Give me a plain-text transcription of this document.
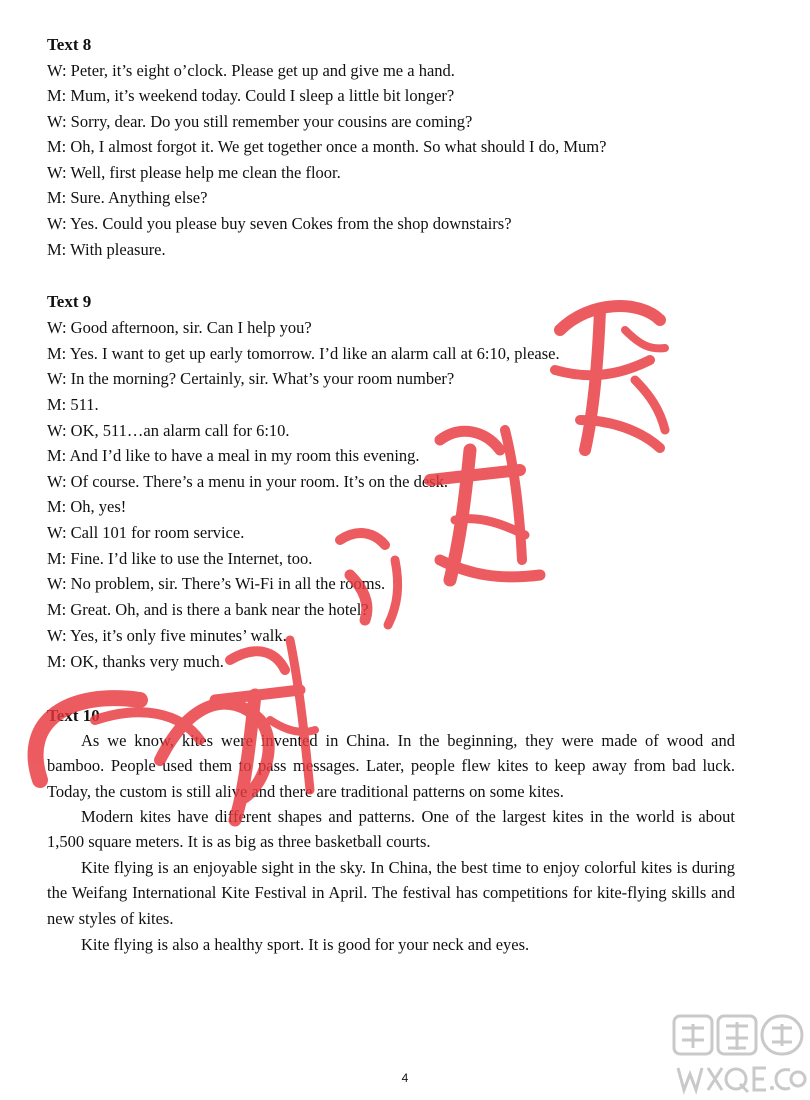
Text 8

W: Peter, it’s eight o’clock. Please get up and give me a hand.

M: Mum, it’s weekend today. Could I sleep a little bit longer?

W: Sorry, dear. Do you still remember your cousins are coming?

M: Oh, I almost forgot it. We get together once a month. So what should I do, Mum?

W: Well, first please help me clean the floor.

M: Sure. Anything else?

W: Yes. Could you please buy seven Cokes from the shop downstairs?

M: With pleasure.

Text 9

W: Good afternoon, sir. Can I help you?

M: Yes. I want to get up early tomorrow. I’d like an alarm call at 6:10, please.

W: In the morning? Certainly, sir. What’s your room number?

M: 511.

W: OK, 511…an alarm call for 6:10.

M: And I’d like to have a meal in my room this evening.

W: Of course. There’s a menu in your room. It’s on the desk.

M: Oh, yes!

W: Call 101 for room service.

M: Fine. I’d like to use the Internet, too.

W: No problem, sir. There’s Wi-Fi in all the rooms.

M: Great. Oh, and is there a bank near the hotel?

W: Yes, it’s only five minutes’ walk.

M: OK, thanks very much.

Text 10

As we know, kites were invented in China. In the beginning, they were made of wood and bamboo. People used them to pass messages. Later, people flew kites to keep away from bad luck. Today, the custom is still alive and there are traditional patterns on some kites.

Modern kites have different shapes and patterns. One of the largest kites in the world is about 1,500 square meters. It is as big as three basketball courts.

Kite flying is an enjoyable sight in the sky. In China, the best time to enjoy colorful kites is during the Weifang International Kite Festival in April. The festival has competitions for kite-flying skills and new styles of kites.

Kite flying is also a healthy sport. It is good for your neck and eyes.

4
